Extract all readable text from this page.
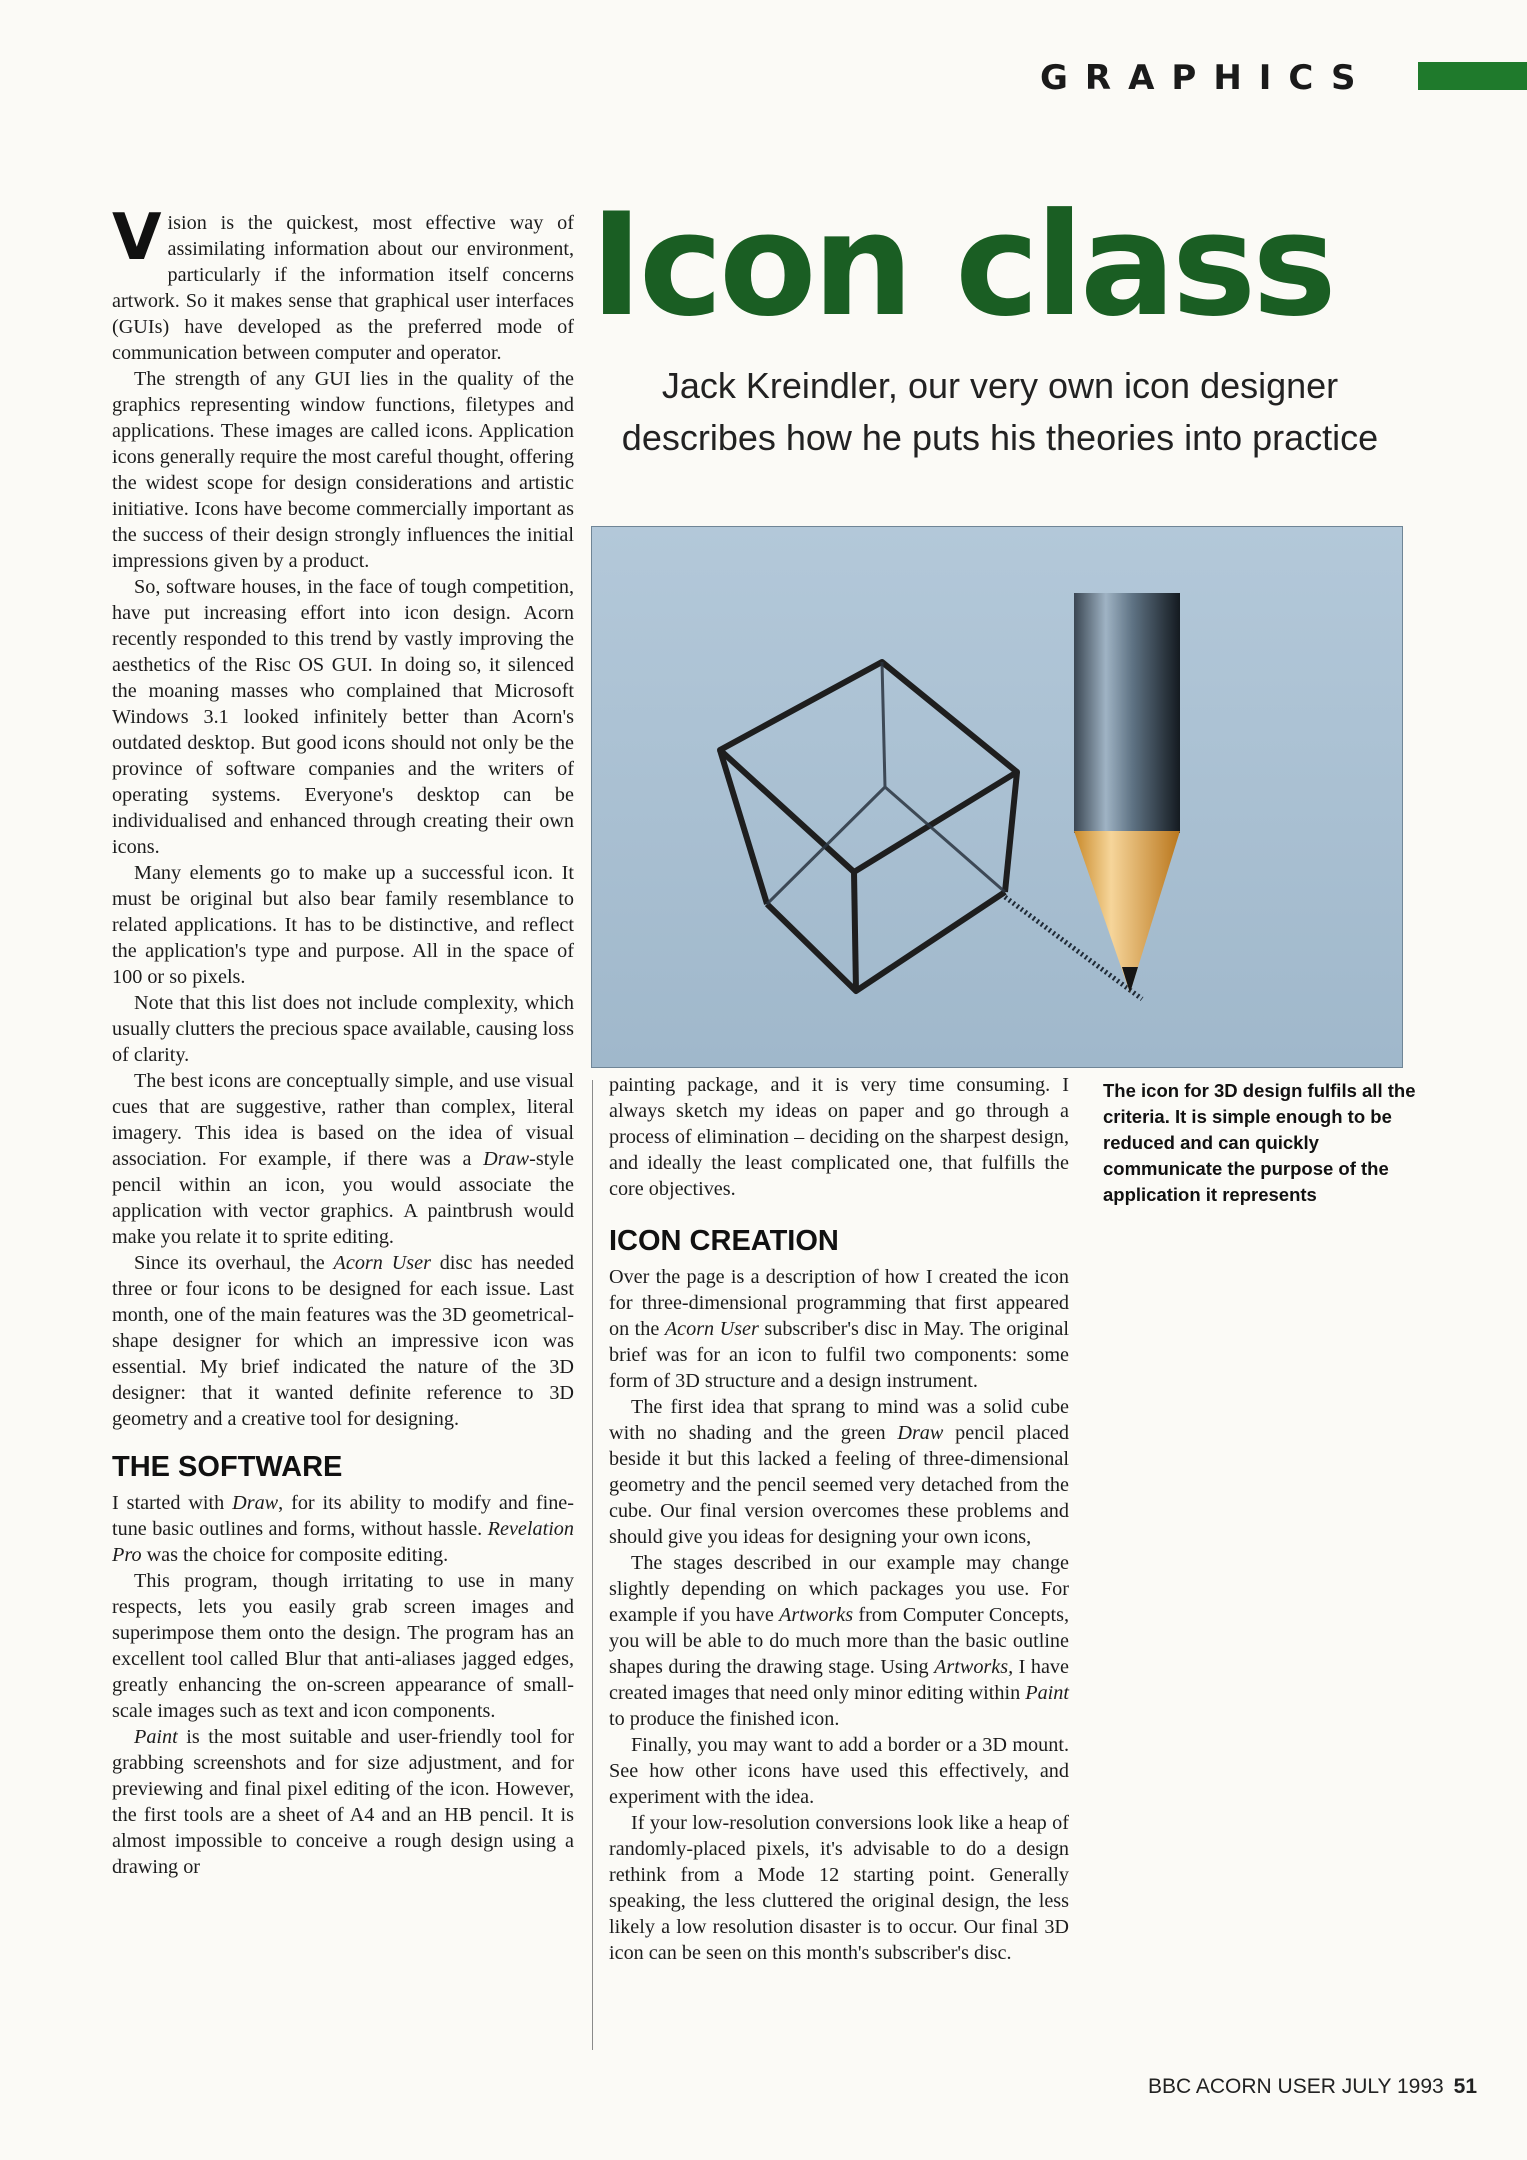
GRAPHICS
Icon class
Jack Kreindler, our very own icon designer
describes how he puts his theories into practice
The icon for 3D design fulfils all the criteria. It is simple enough to be reduced and can quickly communicate the purpose of the application it represents

Vision is the quickest, most effective way of assimilating information about our environment, particularly if the information itself concerns artwork. So it makes sense that graphical user interfaces (GUIs) have developed as the preferred mode of communication between computer and operator.

The strength of any GUI lies in the quality of the graphics representing window functions, filetypes and applications. These images are called icons. Application icons generally require the most careful thought, offering the widest scope for design considerations and artistic initiative. Icons have become commercially important as the success of their design strongly influences the initial impressions given by a product.

So, software houses, in the face of tough competition, have put increasing effort into icon design. Acorn recently responded to this trend by vastly improving the aesthetics of the Risc OS GUI. In doing so, it silenced the moaning masses who complained that Microsoft Windows 3.1 looked infinitely better than Acorn's outdated desktop. But good icons should not only be the province of software companies and the writers of operating systems. Everyone's desktop can be individualised and enhanced through creating their own icons.

Many elements go to make up a successful icon. It must be original but also bear family resemblance to related applications. It has to be distinctive, and reflect the application's type and purpose. All in the space of 100 or so pixels.

Note that this list does not include complexity, which usually clutters the precious space available, causing loss of clarity.

The best icons are conceptually simple, and use visual cues that are suggestive, rather than complex, literal imagery. This idea is based on the idea of visual association. For example, if there was a Draw-style pencil within an icon, you would associate the application with vector graphics. A paintbrush would make you relate it to sprite editing.

Since its overhaul, the Acorn User disc has needed three or four icons to be designed for each issue. Last month, one of the main features was the 3D geometrical-shape designer for which an impressive icon was essential. My brief indicated the nature of the 3D designer: that it wanted definite reference to 3D geometry and a creative tool for designing.

THE SOFTWARE

I started with Draw, for its ability to modify and fine-tune basic outlines and forms, without hassle. Revelation Pro was the choice for composite editing.

This program, though irritating to use in many respects, lets you easily grab screen images and superimpose them onto the design. The program has an excellent tool called Blur that anti-aliases jagged edges, greatly enhancing the on-screen appearance of small-scale images such as text and icon components.

Paint is the most suitable and user-friendly tool for grabbing screenshots and for size adjustment, and for previewing and final pixel editing of the icon. However, the first tools are a sheet of A4 and an HB pencil. It is almost impossible to conceive a rough design using a drawing or

painting package, and it is very time consuming. I always sketch my ideas on paper and go through a process of elimination – deciding on the sharpest design, and ideally the least complicated one, that fulfills the core objectives.

ICON CREATION

Over the page is a description of how I created the icon for three-dimensional programming that first appeared on the Acorn User subscriber's disc in May. The original brief was for an icon to fulfil two components: some form of 3D structure and a design instrument.

The first idea that sprang to mind was a solid cube with no shading and the green Draw pencil placed beside it but this lacked a feeling of three-dimensional geometry and the pencil seemed very detached from the cube. Our final version overcomes these problems and should give you ideas for designing your own icons,

The stages described in our example may change slightly depending on which packages you use. For example if you have Artworks from Computer Concepts, you will be able to do much more than the basic outline shapes during the drawing stage. Using Artworks, I have created images that need only minor editing within Paint to produce the finished icon.

Finally, you may want to add a border or a 3D mount. See how other icons have used this effectively, and experiment with the idea.

If your low-resolution conversions look like a heap of randomly-placed pixels, it's advisable to do a design rethink from a Mode 12 starting point. Generally speaking, the less cluttered the original design, the less likely a low resolution disaster is to occur. Our final 3D icon can be seen on this month's subscriber's disc.

BBC ACORN USER JULY 1993 51
